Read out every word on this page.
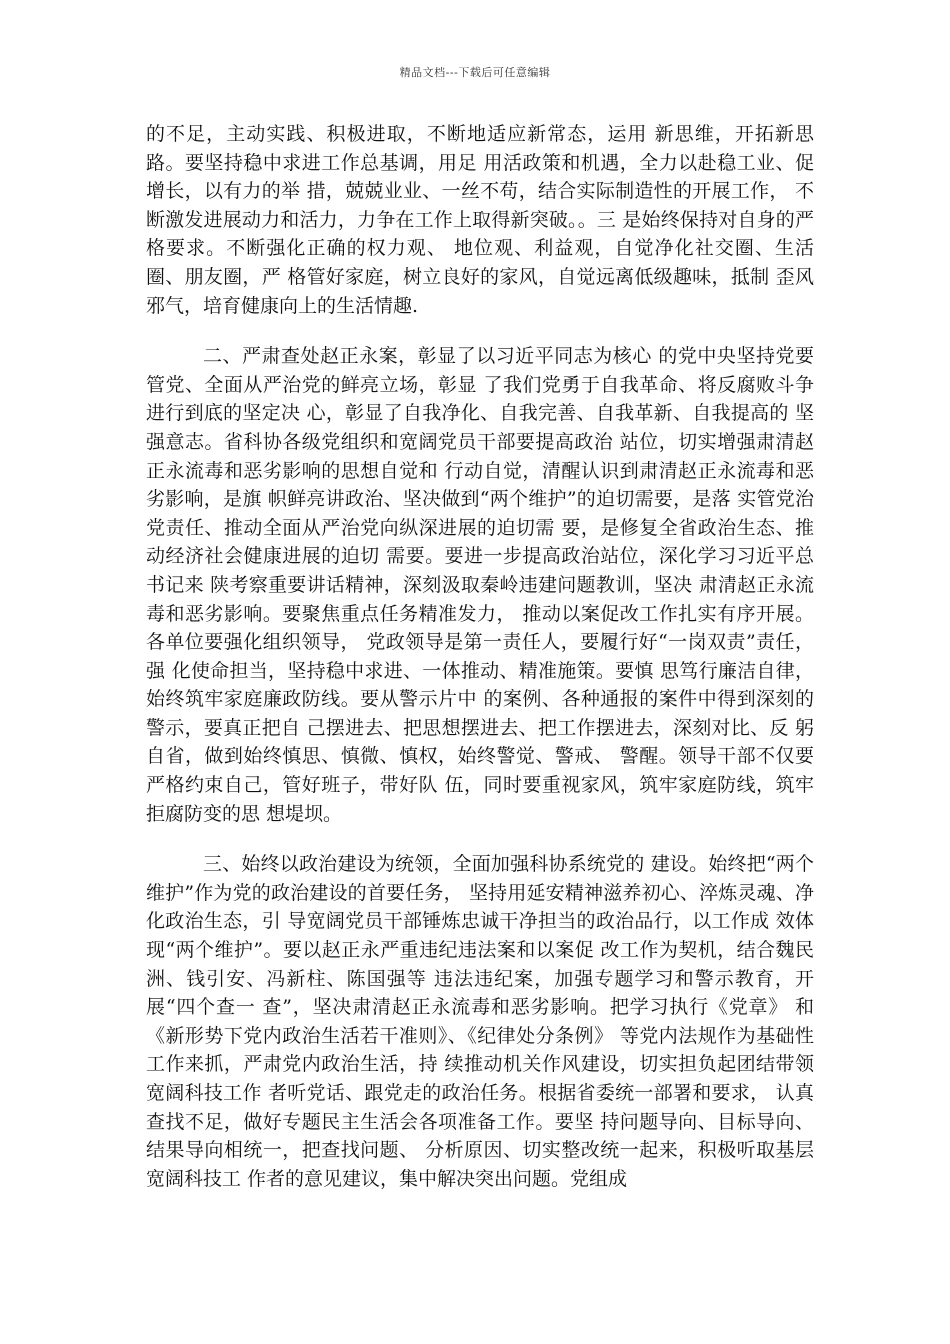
精品文档---下载后可任意编辑

的不足，主动实践、积极进取，不断地适应新常态，运用 新思维，开拓新思路。要坚持稳中求进工作总基调，用足 用活政策和机遇，全力以赴稳工业、促增长，以有力的举 措，兢兢业业、一丝不苟，结合实际制造性的开展工作， 不断激发进展动力和活力，力争在工作上取得新突破。。三 是始终保持对自身的严格要求。不断强化正确的权力观、 地位观、利益观，自觉净化社交圈、生活圈、朋友圈，严 格管好家庭，树立良好的家风，自觉远离低级趣味，抵制 歪风邪气，培育健康向上的生活情趣.

二、严肃查处赵正永案，彰显了以习近平同志为核心 的党中央坚持党要管党、全面从严治党的鲜亮立场，彰显 了我们党勇于自我革命、将反腐败斗争进行到底的坚定决 心，彰显了自我净化、自我完善、自我革新、自我提高的 坚强意志。省科协各级党组织和宽阔党员干部要提高政治 站位，切实增强肃清赵正永流毒和恶劣影响的思想自觉和 行动自觉，清醒认识到肃清赵正永流毒和恶劣影响，是旗 帜鲜亮讲政治、坚决做到“两个维护”的迫切需要，是落 实管党治党责任、推动全面从严治党向纵深进展的迫切需 要，是修复全省政治生态、推动经济社会健康进展的迫切 需要。要进一步提高政治站位，深化学习习近平总书记来 陕考察重要讲话精神，深刻汲取秦岭违建问题教训，坚决 肃清赵正永流毒和恶劣影响。要聚焦重点任务精准发力， 推动以案促改工作扎实有序开展。各单位要强化组织领导， 党政领导是第一责任人，要履行好“一岗双责”责任，强 化使命担当，坚持稳中求进、一体推动、精准施策。要慎 思笃行廉洁自律，始终筑牢家庭廉政防线。要从警示片中 的案例、各种通报的案件中得到深刻的警示，要真正把自 己摆进去、把思想摆进去、把工作摆进去，深刻对比、反 躬自省，做到始终慎思、慎微、慎权，始终警觉、警戒、 警醒。领导干部不仅要严格约束自己，管好班子，带好队 伍，同时要重视家风，筑牢家庭防线，筑牢拒腐防变的思 想堤坝。

三、始终以政治建设为统领，全面加强科协系统党的 建设。始终把“两个维护”作为党的政治建设的首要任务， 坚持用延安精神滋养初心、淬炼灵魂、净化政治生态，引 导宽阔党员干部锤炼忠诚干净担当的政治品行，以工作成 效体现“两个维护”。要以赵正永严重违纪违法案和以案促 改工作为契机，结合魏民洲、钱引安、冯新柱、陈国强等 违法违纪案，加强专题学习和警示教育，开展“四个查一 查”，坚决肃清赵正永流毒和恶劣影响。把学习执行《党章》 和《新形势下党内政治生活若干准则》、《纪律处分条例》 等党内法规作为基础性工作来抓，严肃党内政治生活，持 续推动机关作风建设，切实担负起团结带领宽阔科技工作 者听党话、跟党走的政治任务。根据省委统一部署和要求， 认真查找不足，做好专题民主生活会各项准备工作。要坚 持问题导向、目标导向、结果导向相统一，把查找问题、 分析原因、切实整改统一起来，积极听取基层宽阔科技工 作者的意见建议，集中解决突出问题。党组成
